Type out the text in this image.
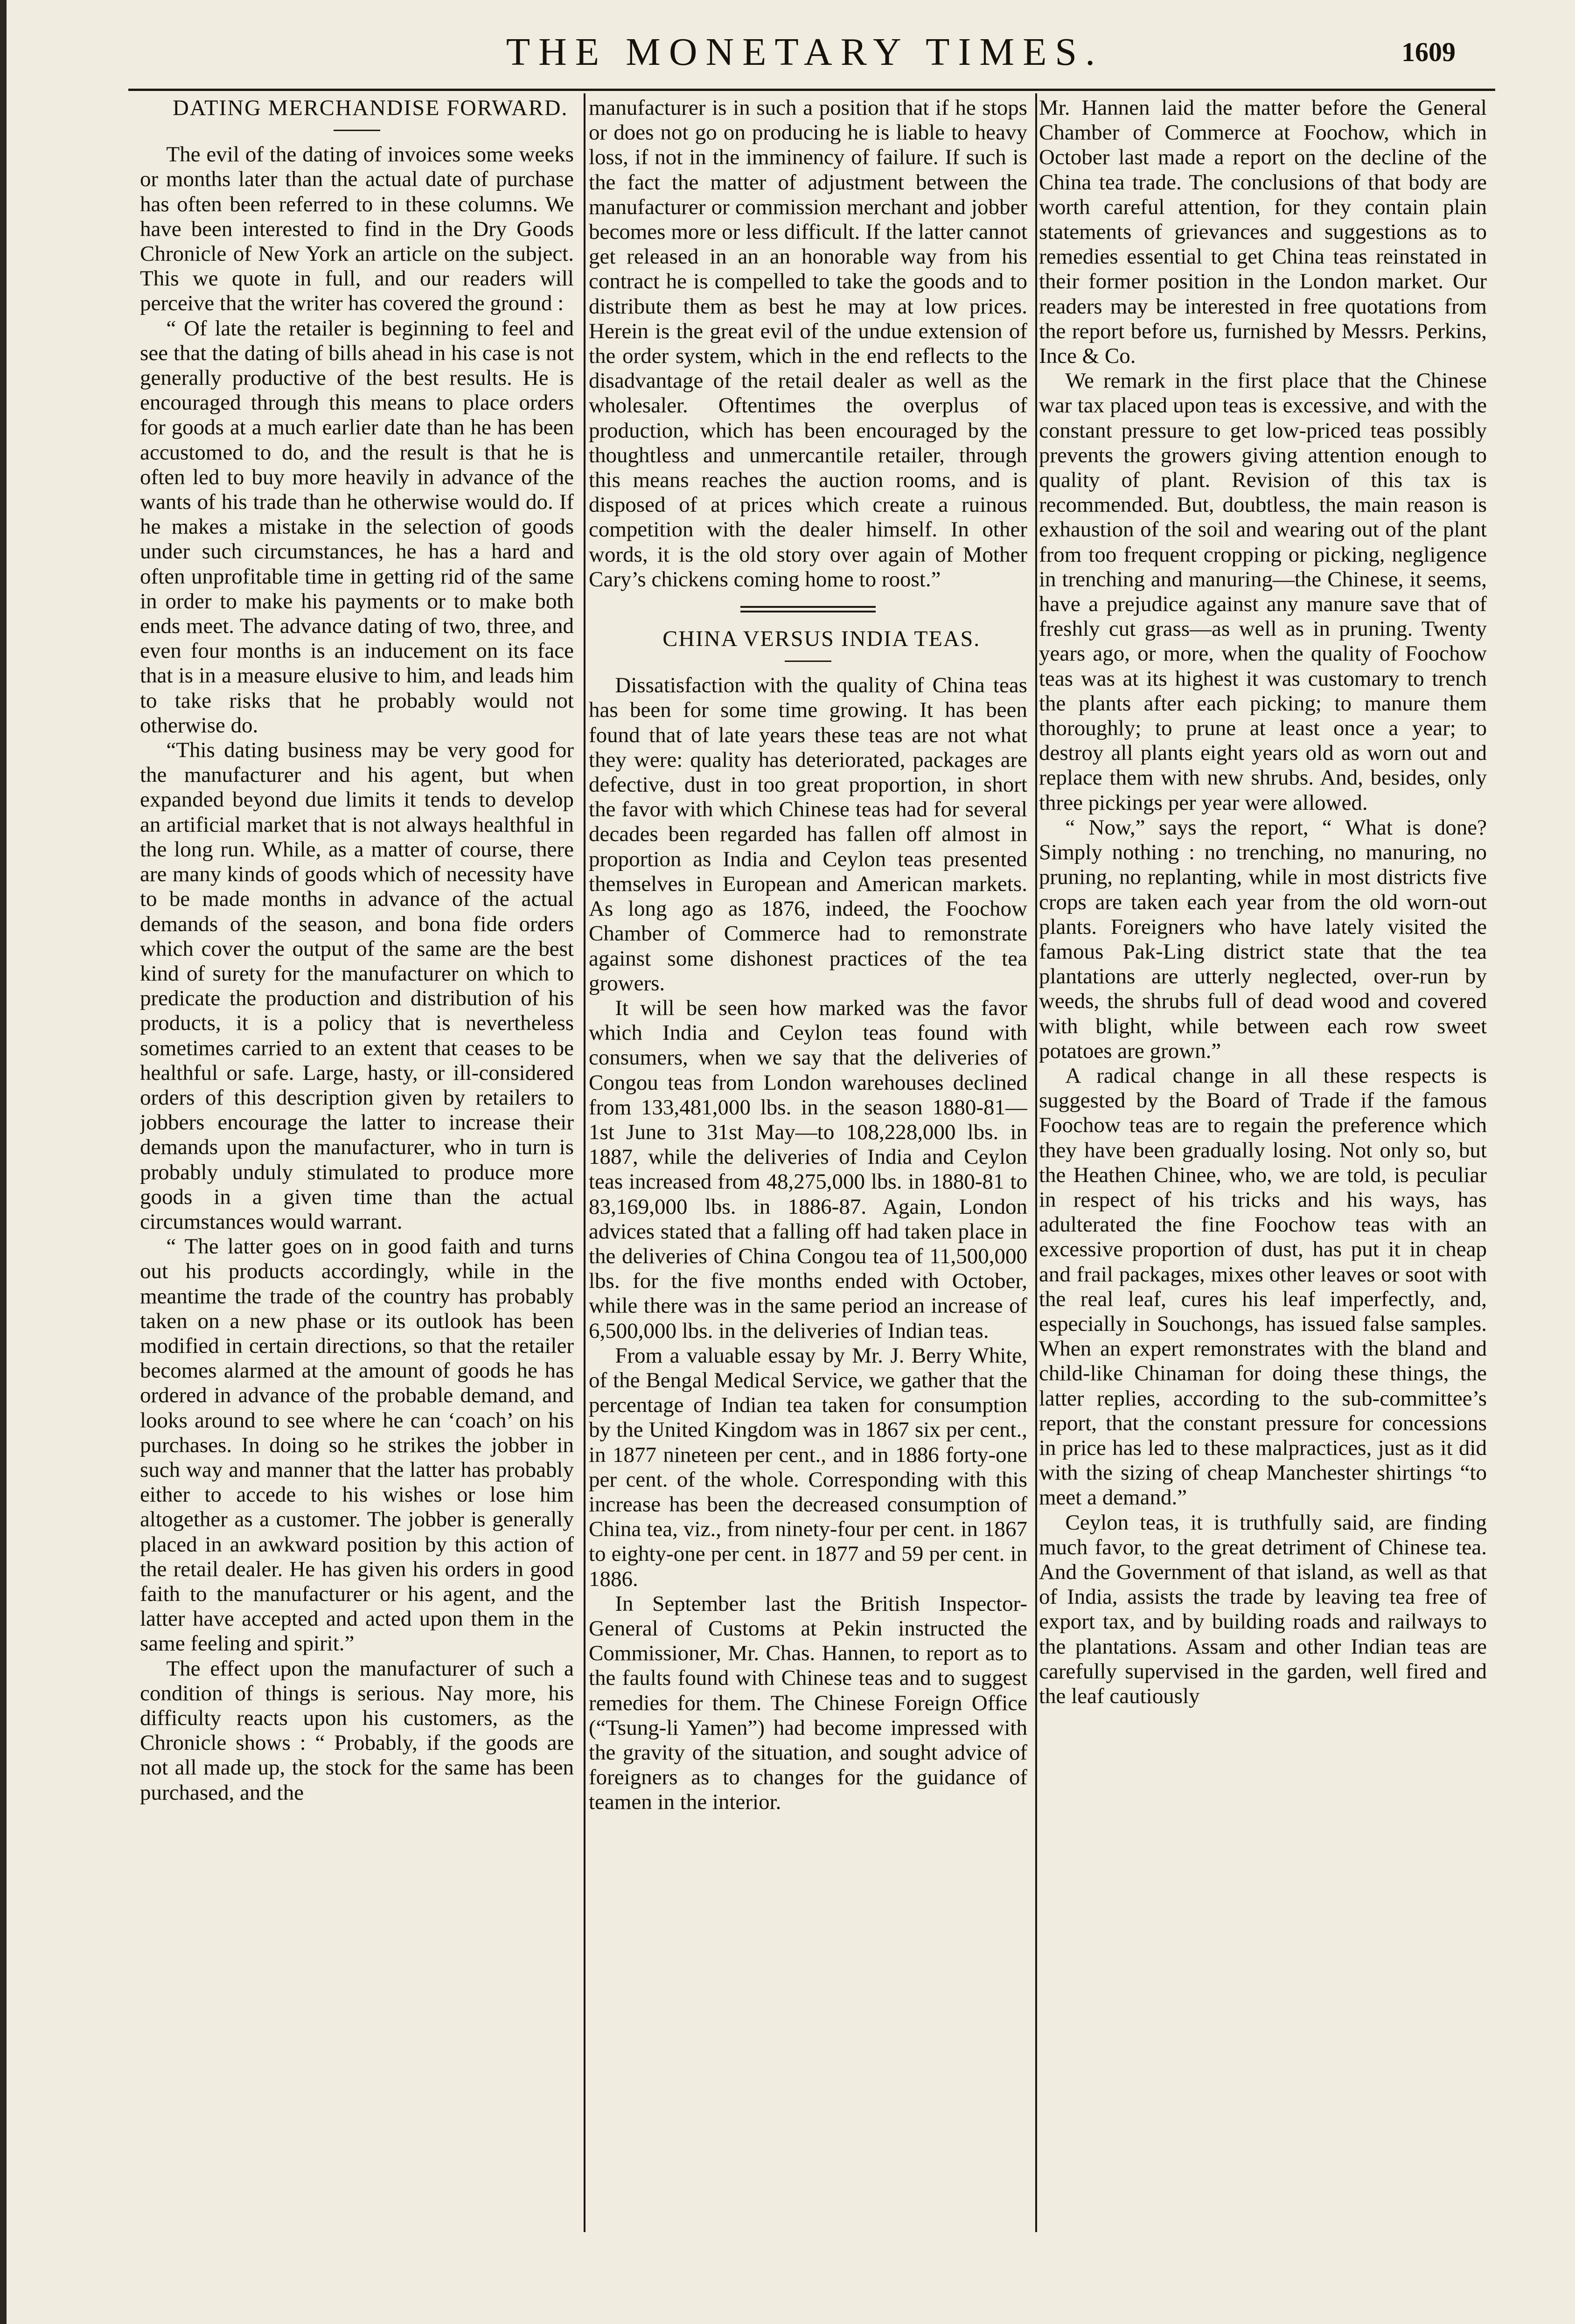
THE MONETARY TIMES.	1609

DATING MERCHANDISE FORWARD.

The evil of the dating of invoices some weeks or months later than the actual date of purchase has often been referred to in these columns. We have been interested to find in the Dry Goods Chronicle of New York an article on the subject. This we quote in full, and our readers will perceive that the writer has covered the ground :

“ Of late the retailer is beginning to feel and see that the dating of bills ahead in his case is not generally productive of the best results. He is encouraged through this means to place orders for goods at a much earlier date than he has been accustomed to do, and the result is that he is often led to buy more heavily in advance of the wants of his trade than he otherwise would do. If he makes a mistake in the selection of goods under such circumstances, he has a hard and often unprofitable time in getting rid of the same in order to make his payments or to make both ends meet. The advance dating of two, three, and even four months is an inducement on its face that is in a measure elusive to him, and leads him to take risks that he probably would not otherwise do.

“This dating business may be very good for the manufacturer and his agent, but when expanded beyond due limits it tends to develop an artificial market that is not always healthful in the long run. While, as a matter of course, there are many kinds of goods which of necessity have to be made months in advance of the actual demands of the season, and bona fide orders which cover the output of the same are the best kind of surety for the manufacturer on which to predicate the production and distribution of his products, it is a policy that is nevertheless sometimes carried to an extent that ceases to be healthful or safe. Large, hasty, or ill-considered orders of this description given by retailers to jobbers encourage the latter to increase their demands upon the manufacturer, who in turn is probably unduly stimulated to produce more goods in a given time than the actual circumstances would warrant.

“ The latter goes on in good faith and turns out his products accordingly, while in the meantime the trade of the country has probably taken on a new phase or its outlook has been modified in certain directions, so that the retailer becomes alarmed at the amount of goods he has ordered in advance of the probable demand, and looks around to see where he can ‘coach’ on his purchases. In doing so he strikes the jobber in such way and manner that the latter has probably either to accede to his wishes or lose him altogether as a customer. The jobber is generally placed in an awkward position by this action of the retail dealer. He has given his orders in good faith to the manufacturer or his agent, and the latter have accepted and acted upon them in the same feeling and spirit.”

The effect upon the manufacturer of such a condition of things is serious. Nay more, his difficulty reacts upon his customers, as the Chronicle shows : “ Probably, if the goods are not all made up, the stock for the same has been purchased, and the

manufacturer is in such a position that if he stops or does not go on producing he is liable to heavy loss, if not in the imminency of failure. If such is the fact the matter of adjustment between the manufacturer or commission merchant and jobber becomes more or less difficult. If the latter cannot get released in an an honorable way from his contract he is compelled to take the goods and to distribute them as best he may at low prices. Herein is the great evil of the undue extension of the order system, which in the end reflects to the disadvantage of the retail dealer as well as the wholesaler. Oftentimes the overplus of production, which has been encouraged by the thoughtless and unmercantile retailer, through this means reaches the auction rooms, and is disposed of at prices which create a ruinous competition with the dealer himself. In other words, it is the old story over again of Mother Cary’s chickens coming home to roost.”

CHINA VERSUS INDIA TEAS.

Dissatisfaction with the quality of China teas has been for some time growing. It has been found that of late years these teas are not what they were: quality has deteriorated, packages are defective, dust in too great proportion, in short the favor with which Chinese teas had for several decades been regarded has fallen off almost in proportion as India and Ceylon teas presented themselves in European and American markets. As long ago as 1876, indeed, the Foochow Chamber of Commerce had to remonstrate against some dishonest practices of the tea growers.

It will be seen how marked was the favor which India and Ceylon teas found with consumers, when we say that the deliveries of Congou teas from London warehouses declined from 133,481,000 lbs. in the season 1880-81—1st June to 31st May—to 108,228,000 lbs. in 1887, while the deliveries of India and Ceylon teas increased from 48,275,000 lbs. in 1880-81 to 83,169,000 lbs. in 1886-87. Again, London advices stated that a falling off had taken place in the deliveries of China Congou tea of 11,500,000 lbs. for the five months ended with October, while there was in the same period an increase of 6,500,000 lbs. in the deliveries of Indian teas.

From a valuable essay by Mr. J. Berry White, of the Bengal Medical Service, we gather that the percentage of Indian tea taken for consumption by the United Kingdom was in 1867 six per cent., in 1877 nineteen per cent., and in 1886 forty-one per cent. of the whole. Corresponding with this increase has been the decreased consumption of China tea, viz., from ninety-four per cent. in 1867 to eighty-one per cent. in 1877 and 59 per cent. in 1886.

In September last the British Inspector-General of Customs at Pekin instructed the Commissioner, Mr. Chas. Hannen, to report as to the faults found with Chinese teas and to suggest remedies for them. The Chinese Foreign Office (“Tsung-li Yamen”) had become impressed with the gravity of the situation, and sought advice of foreigners as to changes for the guidance of teamen in the interior.

Mr. Hannen laid the matter before the General Chamber of Commerce at Foochow, which in October last made a report on the decline of the China tea trade. The conclusions of that body are worth careful attention, for they contain plain statements of grievances and suggestions as to remedies essential to get China teas reinstated in their former position in the London market. Our readers may be interested in free quotations from the report before us, furnished by Messrs. Perkins, Ince & Co.

We remark in the first place that the Chinese war tax placed upon teas is excessive, and with the constant pressure to get low-priced teas possibly prevents the growers giving attention enough to quality of plant. Revision of this tax is recommended. But, doubtless, the main reason is exhaustion of the soil and wearing out of the plant from too frequent cropping or picking, negligence in trenching and manuring—the Chinese, it seems, have a prejudice against any manure save that of freshly cut grass—as well as in pruning. Twenty years ago, or more, when the quality of Foochow teas was at its highest it was customary to trench the plants after each picking; to manure them thoroughly; to prune at least once a year; to destroy all plants eight years old as worn out and replace them with new shrubs. And, besides, only three pickings per year were allowed.

“ Now,” says the report, “ What is done? Simply nothing : no trenching, no manuring, no pruning, no replanting, while in most districts five crops are taken each year from the old worn-out plants. Foreigners who have lately visited the famous Pak-Ling district state that the tea plantations are utterly neglected, over-run by weeds, the shrubs full of dead wood and covered with blight, while between each row sweet potatoes are grown.”

A radical change in all these respects is suggested by the Board of Trade if the famous Foochow teas are to regain the preference which they have been gradually losing. Not only so, but the Heathen Chinee, who, we are told, is peculiar in respect of his tricks and his ways, has adulterated the fine Foochow teas with an excessive proportion of dust, has put it in cheap and frail packages, mixes other leaves or soot with the real leaf, cures his leaf imperfectly, and, especially in Souchongs, has issued false samples. When an expert remonstrates with the bland and child-like Chinaman for doing these things, the latter replies, according to the sub-committee’s report, that the constant pressure for concessions in price has led to these malpractices, just as it did with the sizing of cheap Manchester shirtings “to meet a demand.”

Ceylon teas, it is truthfully said, are finding much favor, to the great detriment of Chinese tea. And the Government of that island, as well as that of India, assists the trade by leaving tea free of export tax, and by building roads and railways to the plantations. Assam and other Indian teas are carefully supervised in the garden, well fired and the leaf cautiously
